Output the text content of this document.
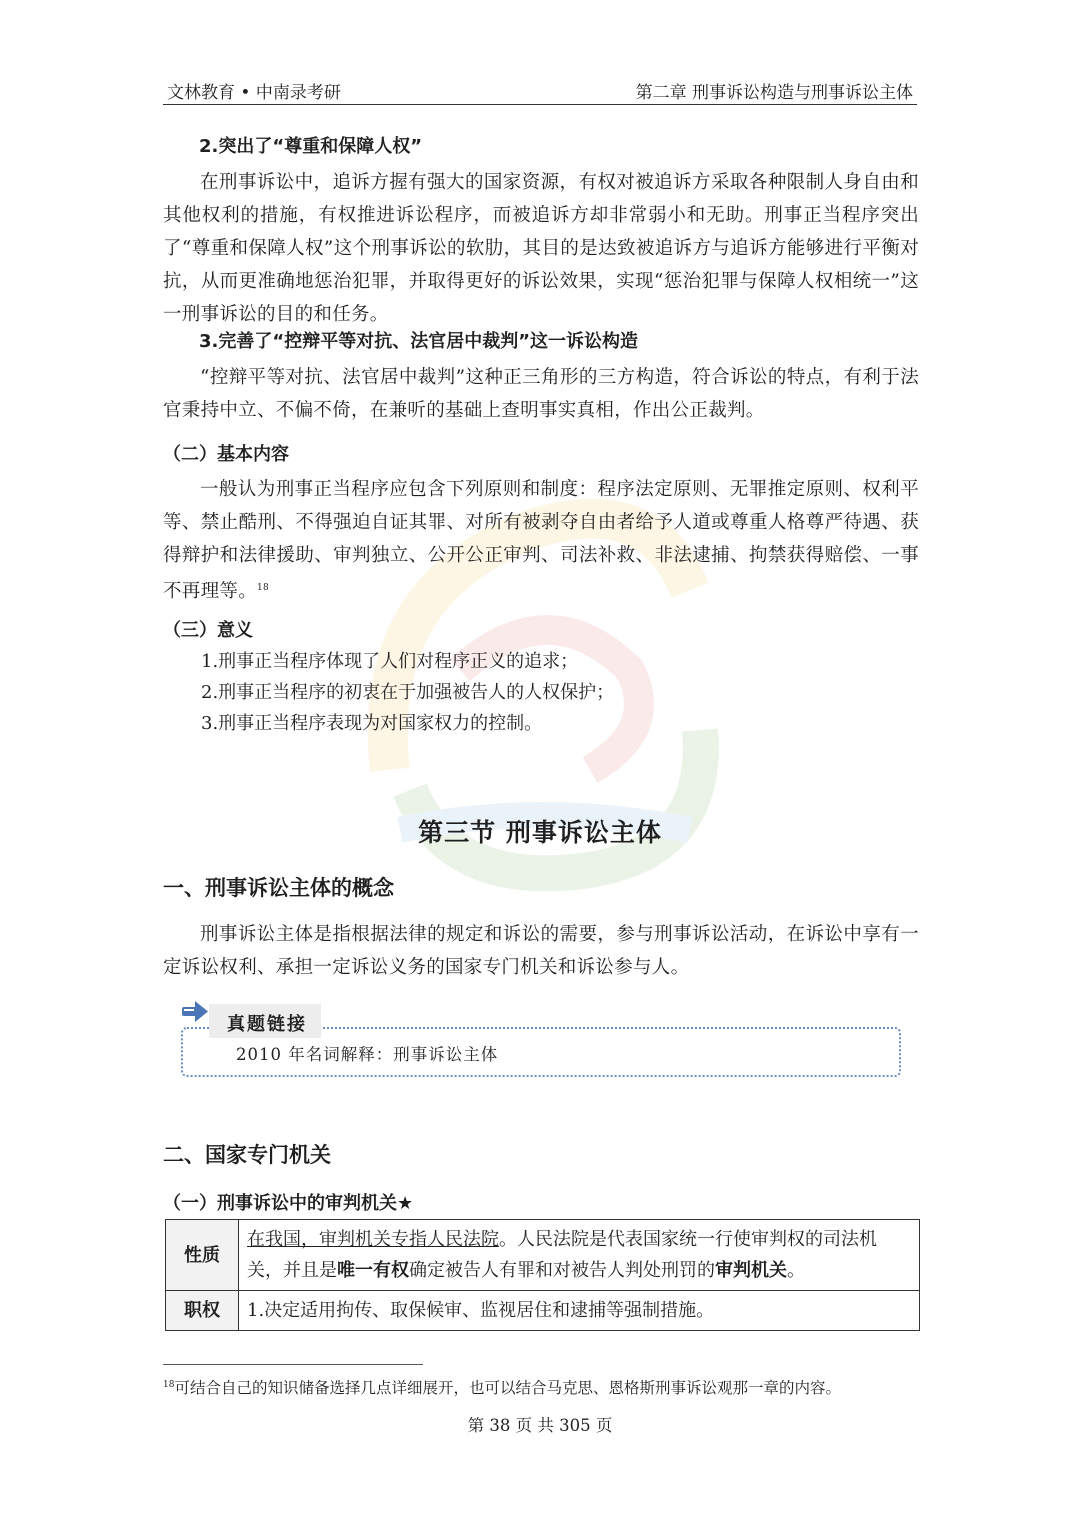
文林教育 • 中南录考研	第二章 刑事诉讼构造与刑事诉讼主体

2.突出了“尊重和保障人权”

在刑事诉讼中，追诉方握有强大的国家资源，有权对被追诉方采取各种限制人身自由和其他权利的措施，有权推进诉讼程序，而被追诉方却非常弱小和无助。刑事正当程序突出了“尊重和保障人权”这个刑事诉讼的软肋，其目的是达致被追诉方与追诉方能够进行平衡对抗，从而更准确地惩治犯罪，并取得更好的诉讼效果，实现“惩治犯罪与保障人权相统一”这一刑事诉讼的目的和任务。

3.完善了“控辩平等对抗、法官居中裁判”这一诉讼构造

“控辩平等对抗、法官居中裁判”这种正三角形的三方构造，符合诉讼的特点，有利于法官秉持中立、不偏不倚，在兼听的基础上查明事实真相，作出公正裁判。

（二）基本内容

一般认为刑事正当程序应包含下列原则和制度：程序法定原则、无罪推定原则、权利平等、禁止酷刑、不得强迫自证其罪、对所有被剥夺自由者给予人道或尊重人格尊严待遇、获得辩护和法律援助、审判独立、公开公正审判、司法补救、非法逮捕、拘禁获得赔偿、一事不再理等。$^{18}$

（三）意义

1.刑事正当程序体现了人们对程序正义的追求；

2.刑事正当程序的初衷在于加强被告人的人权保护；

3.刑事正当程序表现为对国家权力的控制。

第三节 刑事诉讼主体
一、刑事诉讼主体的概念

刑事诉讼主体是指根据法律的规定和诉讼的需要，参与刑事诉讼活动，在诉讼中享有一定诉讼权利、承担一定诉讼义务的国家专门机关和诉讼参与人。

真题链接
2010 年名词解释：刑事诉讼主体
二、国家专门机关
（一）刑事诉讼中的审判机关★
性质	在我国，审判机关专指人民法院。人民法院是代表国家统一行使审判权的司法机关，并且是唯一有权确定被告人有罪和对被告人判处刑罚的审判机关。
职权	1.决定适用拘传、取保候审、监视居住和逮捕等强制措施。
$^{18}$可结合自己的知识储备选择几点详细展开，也可以结合马克思、恩格斯刑事诉讼观那一章的内容。
第 38 页 共 305 页
